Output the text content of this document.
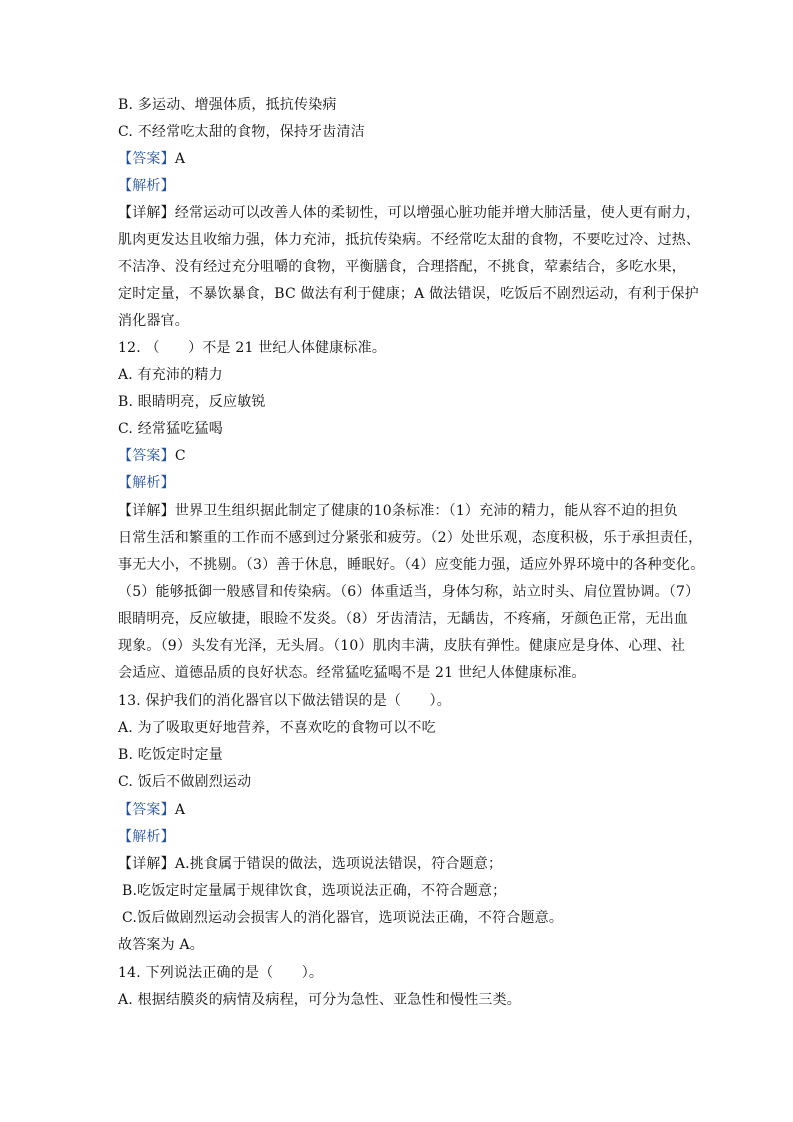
B. 多运动、增强体质，抵抗传染病
C. 不经常吃太甜的食物，保持牙齿清洁
【答案】A
【解析】
【详解】经常运动可以改善人体的柔韧性，可以增强心脏功能并增大肺活量，使人更有耐力，
肌肉更发达且收缩力强，体力充沛，抵抗传染病。不经常吃太甜的食物，不要吃过冷、过热、
不洁净、没有经过充分咀嚼的食物，平衡膳食，合理搭配，不挑食，荤素结合，多吃水果，
定时定量，不暴饮暴食，BC 做法有利于健康；A 做法错误，吃饭后不剧烈运动，有利于保护
消化器官。
12. （　　）不是 21 世纪人体健康标准。
A. 有充沛的精力
B. 眼睛明亮，反应敏锐
C. 经常猛吃猛喝
【答案】C
【解析】
【详解】世界卫生组织据此制定了健康的10条标准：（1）充沛的精力，能从容不迫的担负
日常生活和繁重的工作而不感到过分紧张和疲劳。（2）处世乐观，态度积极，乐于承担责任，
事无大小，不挑剔。（3）善于休息，睡眠好。（4）应变能力强，适应外界环境中的各种变化。
（5）能够抵御一般感冒和传染病。（6）体重适当，身体匀称，站立时头、肩位置协调。（7）
眼睛明亮，反应敏捷，眼睑不发炎。（8）牙齿清洁，无龋齿，不疼痛，牙颜色正常，无出血
现象。（9）头发有光泽，无头屑。（10）肌肉丰满，皮肤有弹性。健康应是身体、心理、社
会适应、道德品质的良好状态。经常猛吃猛喝不是 21 世纪人体健康标准。
13. 保护我们的消化器官以下做法错误的是（　　）。
A. 为了吸取更好地营养，不喜欢吃的食物可以不吃
B. 吃饭定时定量
C. 饭后不做剧烈运动
【答案】A
【解析】
【详解】A.挑食属于错误的做法，选项说法错误，符合题意；
B.吃饭定时定量属于规律饮食，选项说法正确，不符合题意；
C.饭后做剧烈运动会损害人的消化器官，选项说法正确，不符合题意。
故答案为 A。
14. 下列说法正确的是（　　）。
A. 根据结膜炎的病情及病程，可分为急性、亚急性和慢性三类。
